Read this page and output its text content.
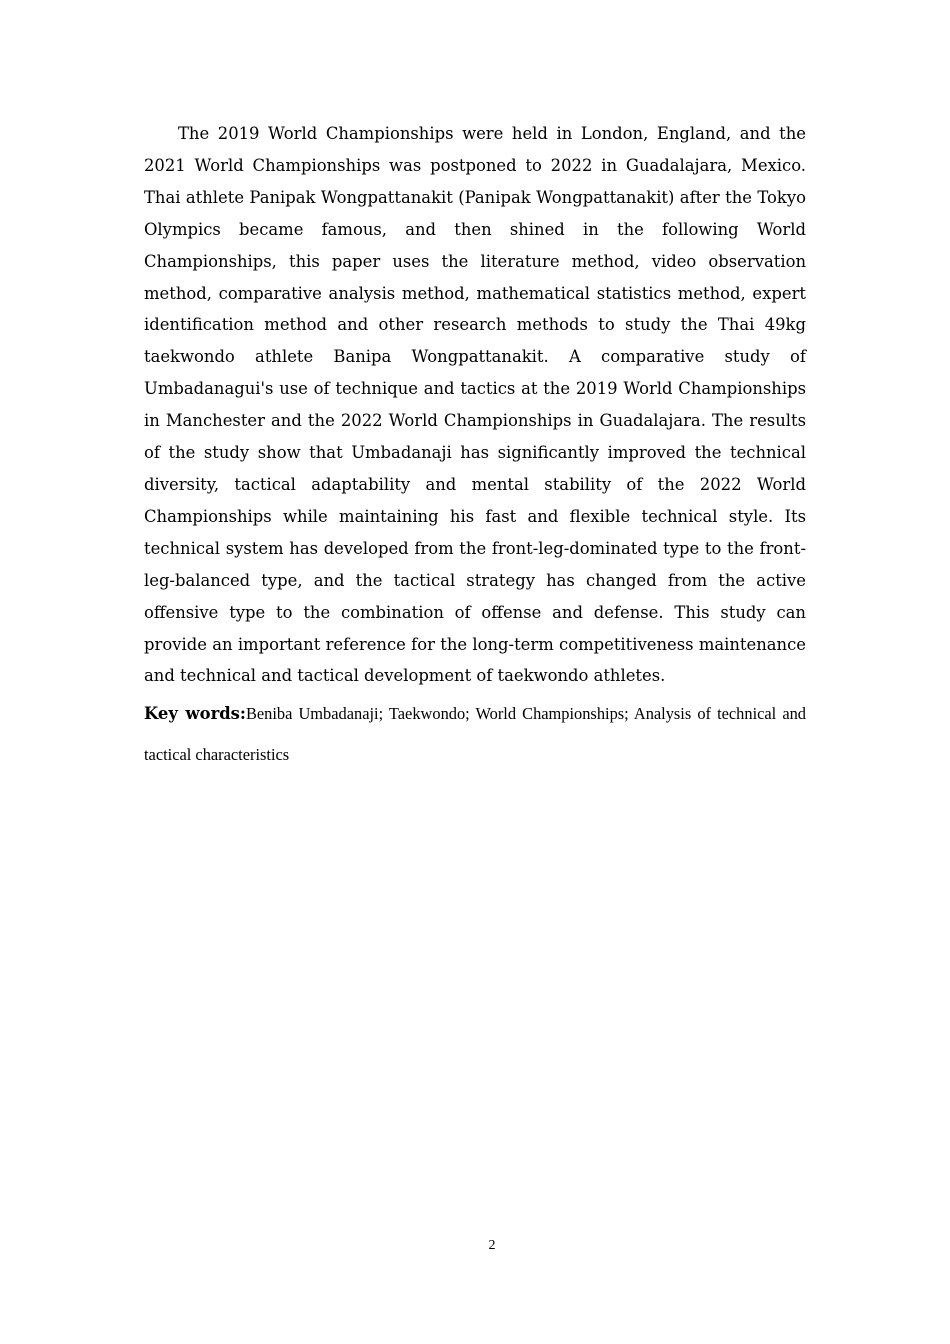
The 2019 World Championships were held in London, England, and the 2021 World Championships was postponed to 2022 in Guadalajara, Mexico. Thai athlete Panipak Wongpattanakit (Panipak Wongpattanakit) after the Tokyo Olympics became famous, and then shined in the following World Championships, this paper uses the literature method, video observation method, comparative analysis method, mathematical statistics method, expert identification method and other research methods to study the Thai 49kg taekwondo athlete Banipa Wongpattanakit. A comparative study of Umbadanagui's use of technique and tactics at the 2019 World Championships in Manchester and the 2022 World Championships in Guadalajara. The results of the study show that Umbadanaji has significantly improved the technical diversity, tactical adaptability and mental stability of the 2022 World Championships while maintaining his fast and flexible technical style. Its technical system has developed from the front-leg-dominated type to the front-leg-balanced type, and the tactical strategy has changed from the active offensive type to the combination of offense and defense. This study can provide an important reference for the long-term competitiveness maintenance and technical and tactical development of taekwondo athletes.

Key words:Beniba Umbadanaji; Taekwondo; World Championships; Analysis of technical and tactical characteristics

2
